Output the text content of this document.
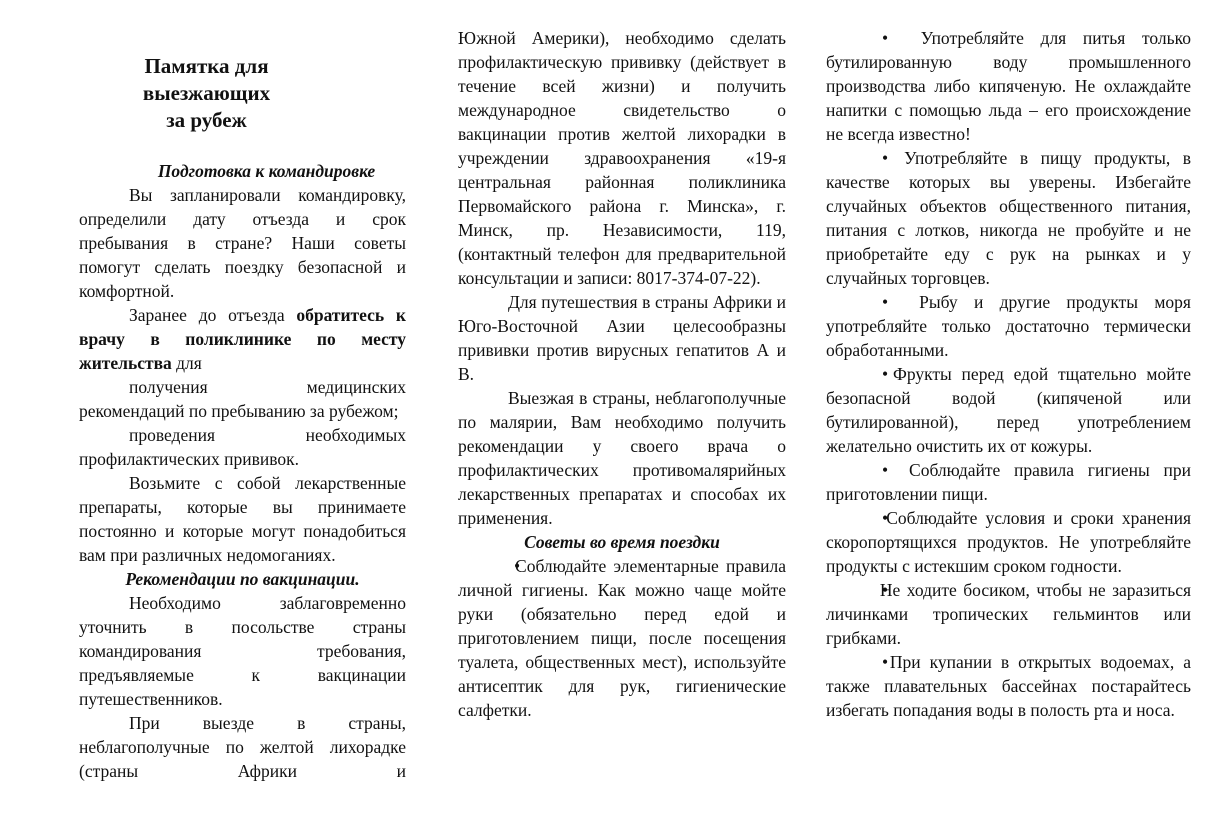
Памятка для
выезжающих
за рубеж
Подготовка к командировке
Вы запланировали командировку, определили дату отъезда и срок пребывания в стране? Наши советы помогут сделать поездку безопасной и комфортной.
Заранее до отъезда обратитесь к врачу в поликлинике по месту жительства для
получения медицинских рекомендаций по пребыванию за рубежом;
проведения необходимых профилактических прививок.
Возьмите с собой лекарственные препараты, которые вы принимаете постоянно и которые могут понадобиться вам при различных недомоганиях.
Рекомендации по вакцинации.
Необходимо заблаговременно уточнить в посольстве страны командирования требования, предъявляемые к вакцинации путешественников.
При выезде в страны, неблагополучные по желтой лихорадке (страны Африки и
Южной Америки), необходимо сделать профилактическую прививку (действует в течение всей жизни) и получить международное свидетельство о вакцинации против желтой лихорадки в учреждении здравоохранения «19-я центральная районная поликлиника Первомайского района г. Минска», г. Минск, пр. Независимости, 119, (контактный телефон для предварительной консультации и записи: 8017-374-07-22).
Для путешествия в страны Африки и Юго-Восточной Азии целесообразны прививки против вирусных гепатитов А и В.
Выезжая в страны, неблагополучные по малярии, Вам необходимо получить рекомендации у своего врача о профилактических противомалярийных лекарственных препаратах и способах их применения.
Советы во время поездки
Соблюдайте элементарные правила личной гигиены. Как можно чаще мойте руки (обязательно перед едой и приготовлением пищи, после посещения туалета, общественных мест), используйте антисептик для рук, гигиенические салфетки.
Употребляйте для питья только бутилированную воду промышленного производства либо кипяченую. Не охлаждайте напитки с помощью льда – его происхождение не всегда известно!
Употребляйте в пищу продукты, в качестве которых вы уверены. Избегайте случайных объектов общественного питания, питания с лотков, никогда не пробуйте и не приобретайте еду с рук на рынках и у случайных торговцев.
Рыбу и другие продукты моря употребляйте только достаточно термически обработанными.
Фрукты перед едой тщательно мойте безопасной водой (кипяченой или бутилированной), перед употреблением желательно очистить их от кожуры.
Соблюдайте правила гигиены при приготовлении пищи.
Соблюдайте условия и сроки хранения скоропортящихся продуктов. Не употребляйте продукты с истекшим сроком годности.
Не ходите босиком, чтобы не заразиться личинками тропических гельминтов или грибками.
При купании в открытых водоемах, а также плавательных бассейнах постарайтесь избегать попадания воды в полость рта и носа.
